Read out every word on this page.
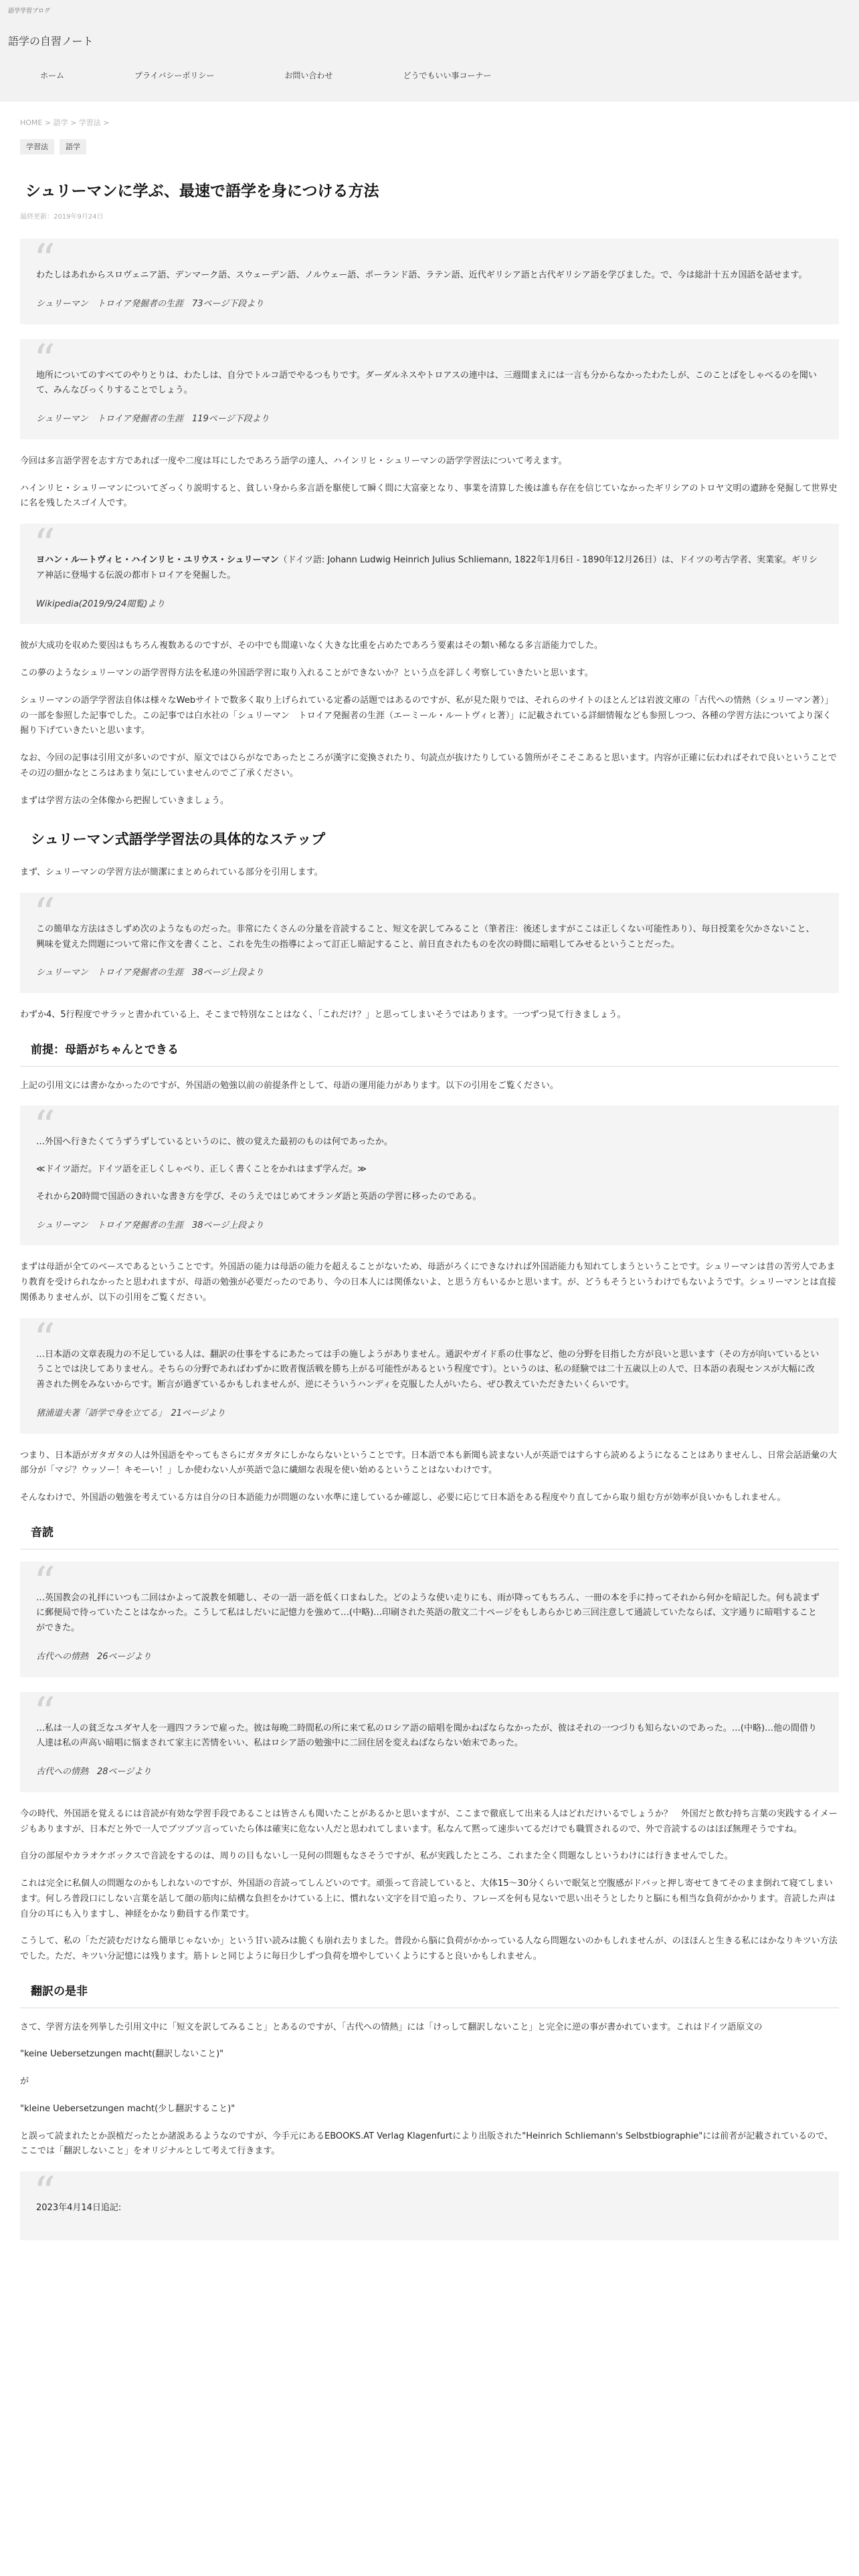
語学学習ブログ
語学の自習ノート
ホーム	プライバシーポリシー	お問い合わせ	どうでもいい事コーナー
HOME > 語学 > 学習法 >
学習法	語学
シュリーマンに学ぶ、最速で語学を身につける方法
最終更新：2019年9月24日

“ わたしはあれからスロヴェニア語、デンマーク語、スウェーデン語、ノルウェー語、ポーランド語、ラテン語、近代ギリシア語と古代ギリシア語を学びました。で、今は総計十五カ国語を話せます。

シュリーマン　トロイア発掘者の生涯　73ページ下段より

“ 地所についてのすべてのやりとりは、わたしは、自分でトルコ語でやるつもりです。ダーダルネスやトロアスの連中は、三週間まえには一言も分からなかったわたしが、このことばをしゃべるのを聞いて、みんなびっくりすることでしょう。

シュリーマン　トロイア発掘者の生涯　119ページ下段より

今回は多言語学習を志す方であれば一度や二度は耳にしたであろう語学の達人、ハインリヒ・シュリーマンの語学学習法について考えます。

ハインリヒ・シュリーマンについてざっくり説明すると、貧しい身から多言語を駆使して瞬く間に大富豪となり、事業を清算した後は誰も存在を信じていなかったギリシアのトロヤ文明の遺跡を発掘して世界史に名を残したスゴイ人です。

“ ヨハン・ルートヴィヒ・ハインリヒ・ユリウス・シュリーマン（ドイツ語: Johann Ludwig Heinrich Julius Schliemann, 1822年1月6日 - 1890年12月26日）は、ドイツの考古学者、実業家。ギリシア神話に登場する伝説の都市トロイアを発掘した。

Wikipedia(2019/9/24閲覧)より

彼が大成功を収めた要因はもちろん複数あるのですが、その中でも間違いなく大きな比重を占めたであろう要素はその類い稀なる多言語能力でした。

この夢のようなシュリーマンの語学習得方法を私達の外国語学習に取り入れることができないか？という点を詳しく考察していきたいと思います。

シュリーマンの語学学習法自体は様々なWebサイトで数多く取り上げられている定番の話題ではあるのですが、私が見た限りでは、それらのサイトのほとんどは岩波文庫の「古代への情熱（シュリーマン著）」の一部を参照した記事でした。この記事では白水社の「シュリーマン　トロイア発掘者の生涯（エーミール・ルートヴィヒ著）」に記載されている詳細情報なども参照しつつ、各種の学習方法についてより深く掘り下げていきたいと思います。

なお、今回の記事は引用文が多いのですが、原文ではひらがなであったところが漢字に変換されたり、句読点が抜けたりしている箇所がそこそこあると思います。内容が正確に伝わればそれで良いということでその辺の細かなところはあまり気にしていませんのでご了承ください。

まずは学習方法の全体像から把握していきましょう。

シュリーマン式語学学習法の具体的なステップ

まず、シュリーマンの学習方法が簡潔にまとめられている部分を引用します。

“ この簡単な方法はさしずめ次のようなものだった。非常にたくさんの分量を音読すること、短文を訳してみること（筆者注：後述しますがここは正しくない可能性あり）、毎日授業を欠かさないこと、興味を覚えた問題について常に作文を書くこと、これを先生の指導によって訂正し暗記すること、前日直されたものを次の時間に暗唱してみせるということだった。

シュリーマン　トロイア発掘者の生涯　38ページ上段より

わずか4、5行程度でサラッと書かれている上、そこまで特別なことはなく、「これだけ？」と思ってしまいそうではあります。一つずつ見て行きましょう。

前提：母語がちゃんとできる

上記の引用文には書かなかったのですが、外国語の勉強以前の前提条件として、母語の運用能力があります。以下の引用をご覧ください。

“ …外国へ行きたくてうずうずしているというのに、彼の覚えた最初のものは何であったか。

≪ドイツ語だ。ドイツ語を正しくしゃべり、正しく書くことをかれはまず学んだ。≫

それから20時間で国語のきれいな書き方を学び、そのうえではじめてオランダ語と英語の学習に移ったのである。

シュリーマン　トロイア発掘者の生涯　38ページ上段より

まずは母語が全てのベースであるということです。外国語の能力は母語の能力を超えることがないため、母語がろくにできなければ外国語能力も知れてしまうということです。シュリーマンは昔の苦労人であまり教育を受けられなかったと思われますが、母語の勉強が必要だったのであり、今の日本人には関係ないよ、と思う方もいるかと思います。が、どうもそうというわけでもないようです。シュリーマンとは直接関係ありませんが、以下の引用をご覧ください。

“ …日本語の文章表現力の不足している人は、翻訳の仕事をするにあたっては手の施しようがありません。通訳やガイド系の仕事など、他の分野を目指した方が良いと思います（その方が向いているということでは決してありません。そちらの分野であればわずかに敗者復活戦を勝ち上がる可能性があるという程度です）。というのは、私の経験では二十五歳以上の人で、日本語の表現センスが大幅に改善された例をみないからです。断言が過ぎているかもしれませんが、逆にそういうハンディを克服した人がいたら、ぜひ教えていただきたいくらいです。

猪浦道夫著「語学で身を立てる」　21ページより

つまり、日本語がガタガタの人は外国語をやってもさらにガタガタにしかならないということです。日本語で本も新聞も読まない人が英語ではすらすら読めるようになることはありませんし、日常会話語彙の大部分が「マジ？ウッソー！キモーい！」しか使わない人が英語で急に繊細な表現を使い始めるということはないわけです。

そんなわけで、外国語の勉強を考えている方は自分の日本語能力が問題のない水準に達しているか確認し、必要に応じて日本語をある程度やり直してから取り組む方が効率が良いかもしれません。

音読

“ …英国教会の礼拝にいつも二回はかよって説教を傾聴し、その一語一語を低く口まねした。どのような使い走りにも、雨が降ってもちろん、一冊の本を手に持ってそれから何かを暗記した。何も読まずに郵便局で待っていたことはなかった。こうして私はしだいに記憶力を強めて…(中略)…印刷された英語の散文二十ページをもしあらかじめ三回注意して通読していたならば、文字通りに暗唱することができた。

古代への情熱　26ページより

“ …私は一人の貧乏なユダヤ人を一週四フランで雇った。彼は毎晩二時間私の所に来て私のロシア語の暗唱を聞かねばならなかったが、彼はそれの一つづりも知らないのであった。…(中略)…他の間借り人達は私の声高い暗唱に悩まされて家主に苦情をいい、私はロシア語の勉強中に二回住居を変えねばならない始末であった。

古代への情熱　28ページより

今の時代、外国語を覚えるには音読が有効な学習手段であることは皆さんも聞いたことがあるかと思いますが、ここまで徹底して出来る人はどれだけいるでしょうか？　外国だと飲む持ち言葉の実践するイメージもありますが、日本だと外で一人でブツブツ言っていたら体は確実に危ない人だと思われてしまいます。私なんて黙って速歩いてるだけでも職質されるので、外で音読するのはほぼ無理そうですね。

自分の部屋やカラオケボックスで音読をするのは、周りの目もないし一見何の問題もなさそうですが、私が実践したところ、これまた全く問題なしというわけには行きませんでした。

これは完全に私個人の問題なのかもしれないのですが、外国語の音読ってしんどいのです。頑張って音読していると、大体15〜30分くらいで眠気と空腹感がドバッと押し寄せてきてそのまま倒れて寝てしまいます。何しろ普段口にしない言葉を話して顔の筋肉に結構な負担をかけている上に、慣れない文字を目で追ったり、フレーズを何も見ないで思い出そうとしたりと脳にも相当な負荷がかかります。音読した声は自分の耳にも入りますし、神経をかなり動員する作業です。

こうして、私の「ただ読むだけなら簡単じゃないか」という甘い読みは脆くも崩れ去りました。普段から脳に負荷がかかっている人なら問題ないのかもしれませんが、のほほんと生きる私にはかなりキツい方法でした。ただ、キツい分記憶には残ります。筋トレと同じように毎日少しずつ負荷を増やしていくようにすると良いかもしれません。

翻訳の是非

さて、学習方法を列挙した引用文中に「短文を訳してみること」とあるのですが、「古代への情熱」には「けっして翻訳しないこと」と完全に逆の事が書かれています。これはドイツ語原文の

"keine Uebersetzungen macht(翻訳しないこと)"

が

"kleine Uebersetzungen macht(少し翻訳すること)"

と誤って読まれたとか誤植だったとか諸説あるようなのですが、今手元にあるEBOOKS.AT Verlag Klagenfurtにより出版された"Heinrich Schliemann's Selbstbiographie"には前者が記載されているので、ここでは「翻訳しないこと」をオリジナルとして考えて行きます。

“ 2023年4月14日追記:
